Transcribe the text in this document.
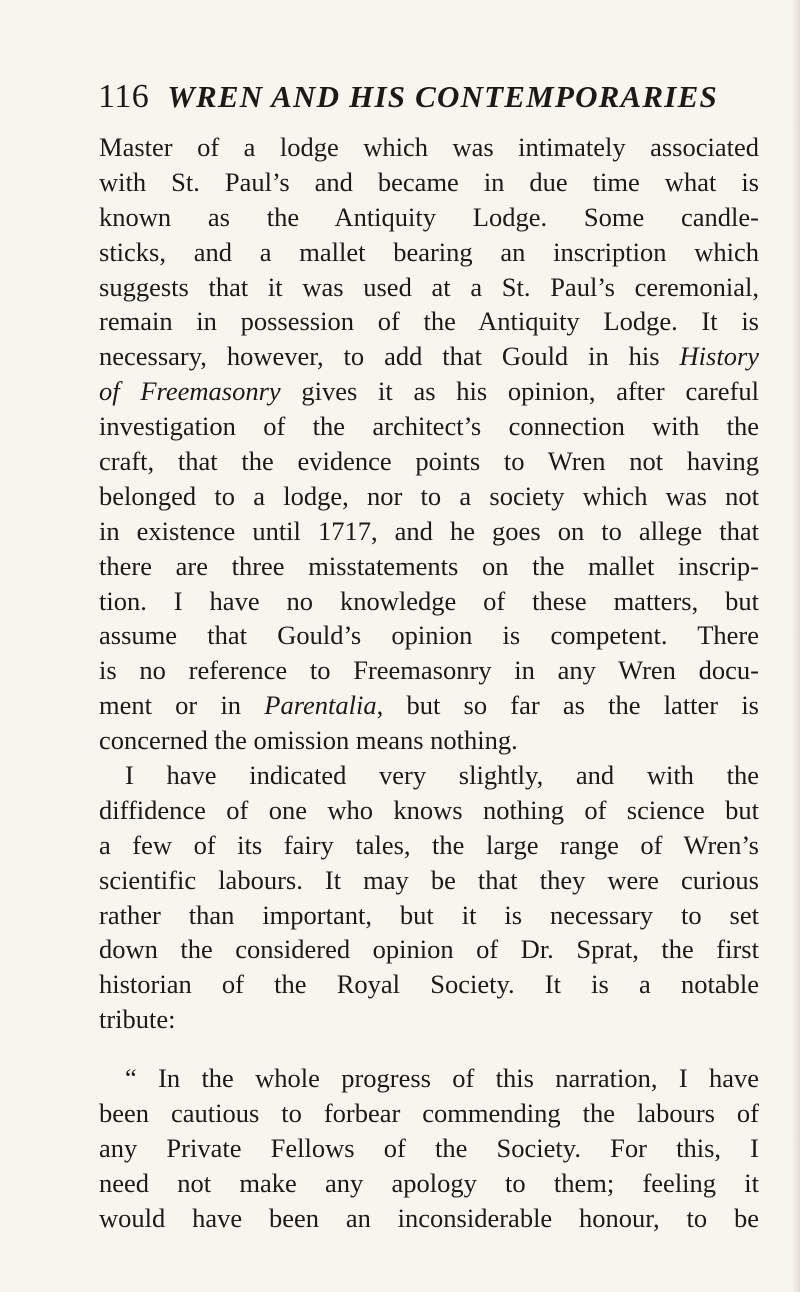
116 WREN AND HIS CONTEMPORARIES
Master of a lodge which was intimately associated
with St. Paul’s and became in due time what is
known as the Antiquity Lodge. Some candle-
sticks, and a mallet bearing an inscription which
suggests that it was used at a St. Paul’s ceremonial,
remain in possession of the Antiquity Lodge. It is
necessary, however, to add that Gould in his History
of Freemasonry gives it as his opinion, after careful
investigation of the architect’s connection with the
craft, that the evidence points to Wren not having
belonged to a lodge, nor to a society which was not
in existence until 1717, and he goes on to allege that
there are three misstatements on the mallet inscrip-
tion. I have no knowledge of these matters, but
assume that Gould’s opinion is competent. There
is no reference to Freemasonry in any Wren docu-
ment or in Parentalia, but so far as the latter is
concerned the omission means nothing.
I have indicated very slightly, and with the
diffidence of one who knows nothing of science but
a few of its fairy tales, the large range of Wren’s
scientific labours. It may be that they were curious
rather than important, but it is necessary to set
down the considered opinion of Dr. Sprat, the first
historian of the Royal Society. It is a notable
tribute:
“ In the whole progress of this narration, I have
been cautious to forbear commending the labours of
any Private Fellows of the Society. For this, I
need not make any apology to them; feeling it
would have been an inconsiderable honour, to be
